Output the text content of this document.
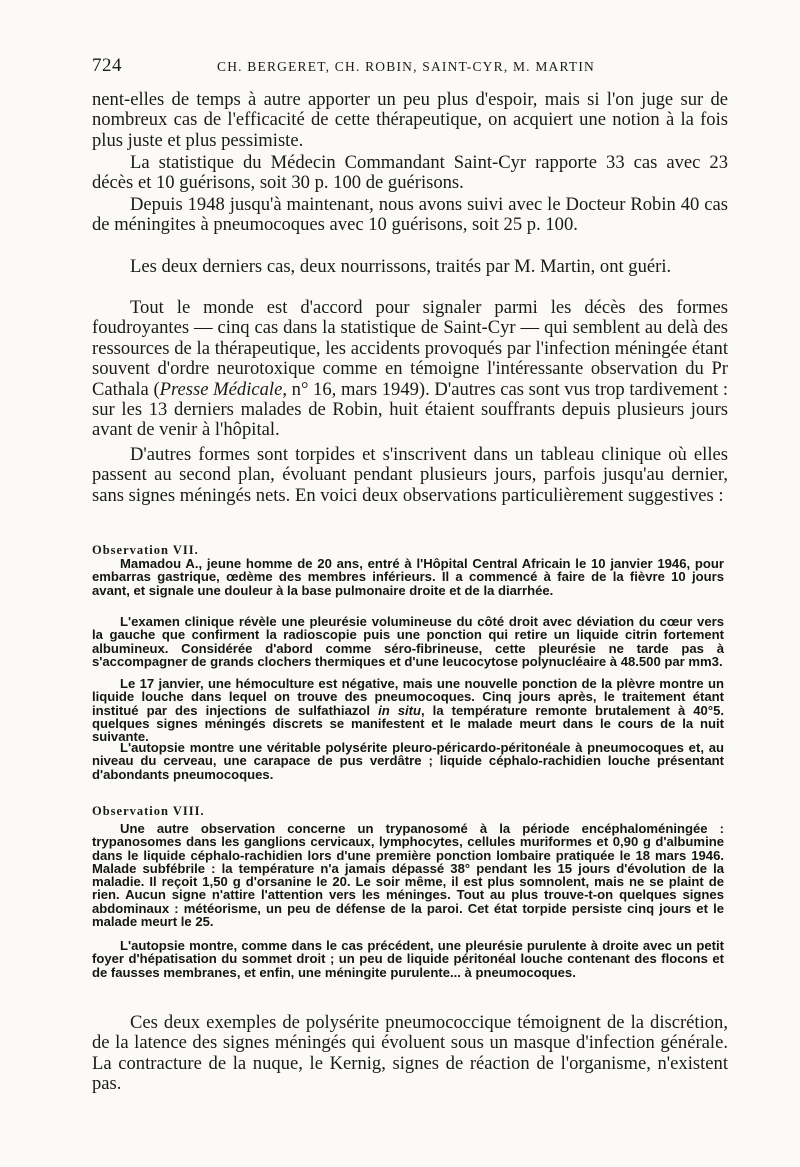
724	CH. BERGERET, CH. ROBIN, SAINT-CYR, M. MARTIN

nent-elles de temps à autre apporter un peu plus d'espoir, mais si l'on juge sur de nombreux cas de l'efficacité de cette thérapeutique, on acquiert une notion à la fois plus juste et plus pessimiste.

La statistique du Médecin Commandant Saint-Cyr rapporte 33 cas avec 23 décès et 10 guérisons, soit 30 p. 100 de guérisons.

Depuis 1948 jusqu'à maintenant, nous avons suivi avec le Docteur Robin 40 cas de méningites à pneumocoques avec 10 guérisons, soit 25 p. 100.

Les deux derniers cas, deux nourrissons, traités par M. Martin, ont guéri.

Tout le monde est d'accord pour signaler parmi les décès des formes foudroyantes — cinq cas dans la statistique de Saint-Cyr — qui semblent au delà des ressources de la thérapeutique, les accidents provoqués par l'infection méningée étant souvent d'ordre neurotoxique comme en témoigne l'intéressante observation du Pr Cathala (Presse Médicale, n° 16, mars 1949). D'autres cas sont vus trop tardivement : sur les 13 derniers malades de Robin, huit étaient souffrants depuis plusieurs jours avant de venir à l'hôpital.

D'autres formes sont torpides et s'inscrivent dans un tableau clinique où elles passent au second plan, évoluant pendant plusieurs jours, parfois jusqu'au dernier, sans signes méningés nets. En voici deux observations particulièrement suggestives :

Observation VII.

Mamadou A., jeune homme de 20 ans, entré à l'Hôpital Central Africain le 10 janvier 1946, pour embarras gastrique, œdème des membres inférieurs. Il a commencé à faire de la fièvre 10 jours avant, et signale une douleur à la base pulmonaire droite et de la diarrhée.

L'examen clinique révèle une pleurésie volumineuse du côté droit avec déviation du cœur vers la gauche que confirment la radioscopie puis une ponction qui retire un liquide citrin fortement albumineux. Considérée d'abord comme séro-fibrineuse, cette pleurésie ne tarde pas à s'accompagner de grands clochers thermiques et d'une leucocytose polynucléaire à 48.500 par mm3.

Le 17 janvier, une hémoculture est négative, mais une nouvelle ponction de la plèvre montre un liquide louche dans lequel on trouve des pneumocoques. Cinq jours après, le traitement étant institué par des injections de sulfathiazol in situ, la température remonte brutalement à 40°5. quelques signes méningés discrets se manifestent et le malade meurt dans le cours de la nuit suivante.

L'autopsie montre une véritable polysérite pleuro-péricardo-péritonéale à pneumocoques et, au niveau du cerveau, une carapace de pus verdâtre ; liquide céphalo-rachidien louche présentant d'abondants pneumocoques.

Observation VIII.

Une autre observation concerne un trypanosomé à la période encéphaloméningée : trypanosomes dans les ganglions cervicaux, lymphocytes, cellules muriformes et 0,90 g d'albumine dans le liquide céphalo-rachidien lors d'une première ponction lombaire pratiquée le 18 mars 1946. Malade subfébrile : la température n'a jamais dépassé 38° pendant les 15 jours d'évolution de la maladie. Il reçoit 1,50 g d'orsanine le 20. Le soir même, il est plus somnolent, mais ne se plaint de rien. Aucun signe n'attire l'attention vers les méninges. Tout au plus trouve-t-on quelques signes abdominaux : météorisme, un peu de défense de la paroi. Cet état torpide persiste cinq jours et le malade meurt le 25.

L'autopsie montre, comme dans le cas précédent, une pleurésie purulente à droite avec un petit foyer d'hépatisation du sommet droit ; un peu de liquide péritonéal louche contenant des flocons et de fausses membranes, et enfin, une méningite purulente... à pneumocoques.

Ces deux exemples de polysérite pneumococcique témoignent de la discrétion, de la latence des signes méningés qui évoluent sous un masque d'infection générale. La contracture de la nuque, le Kernig, signes de réaction de l'organisme, n'existent pas.
